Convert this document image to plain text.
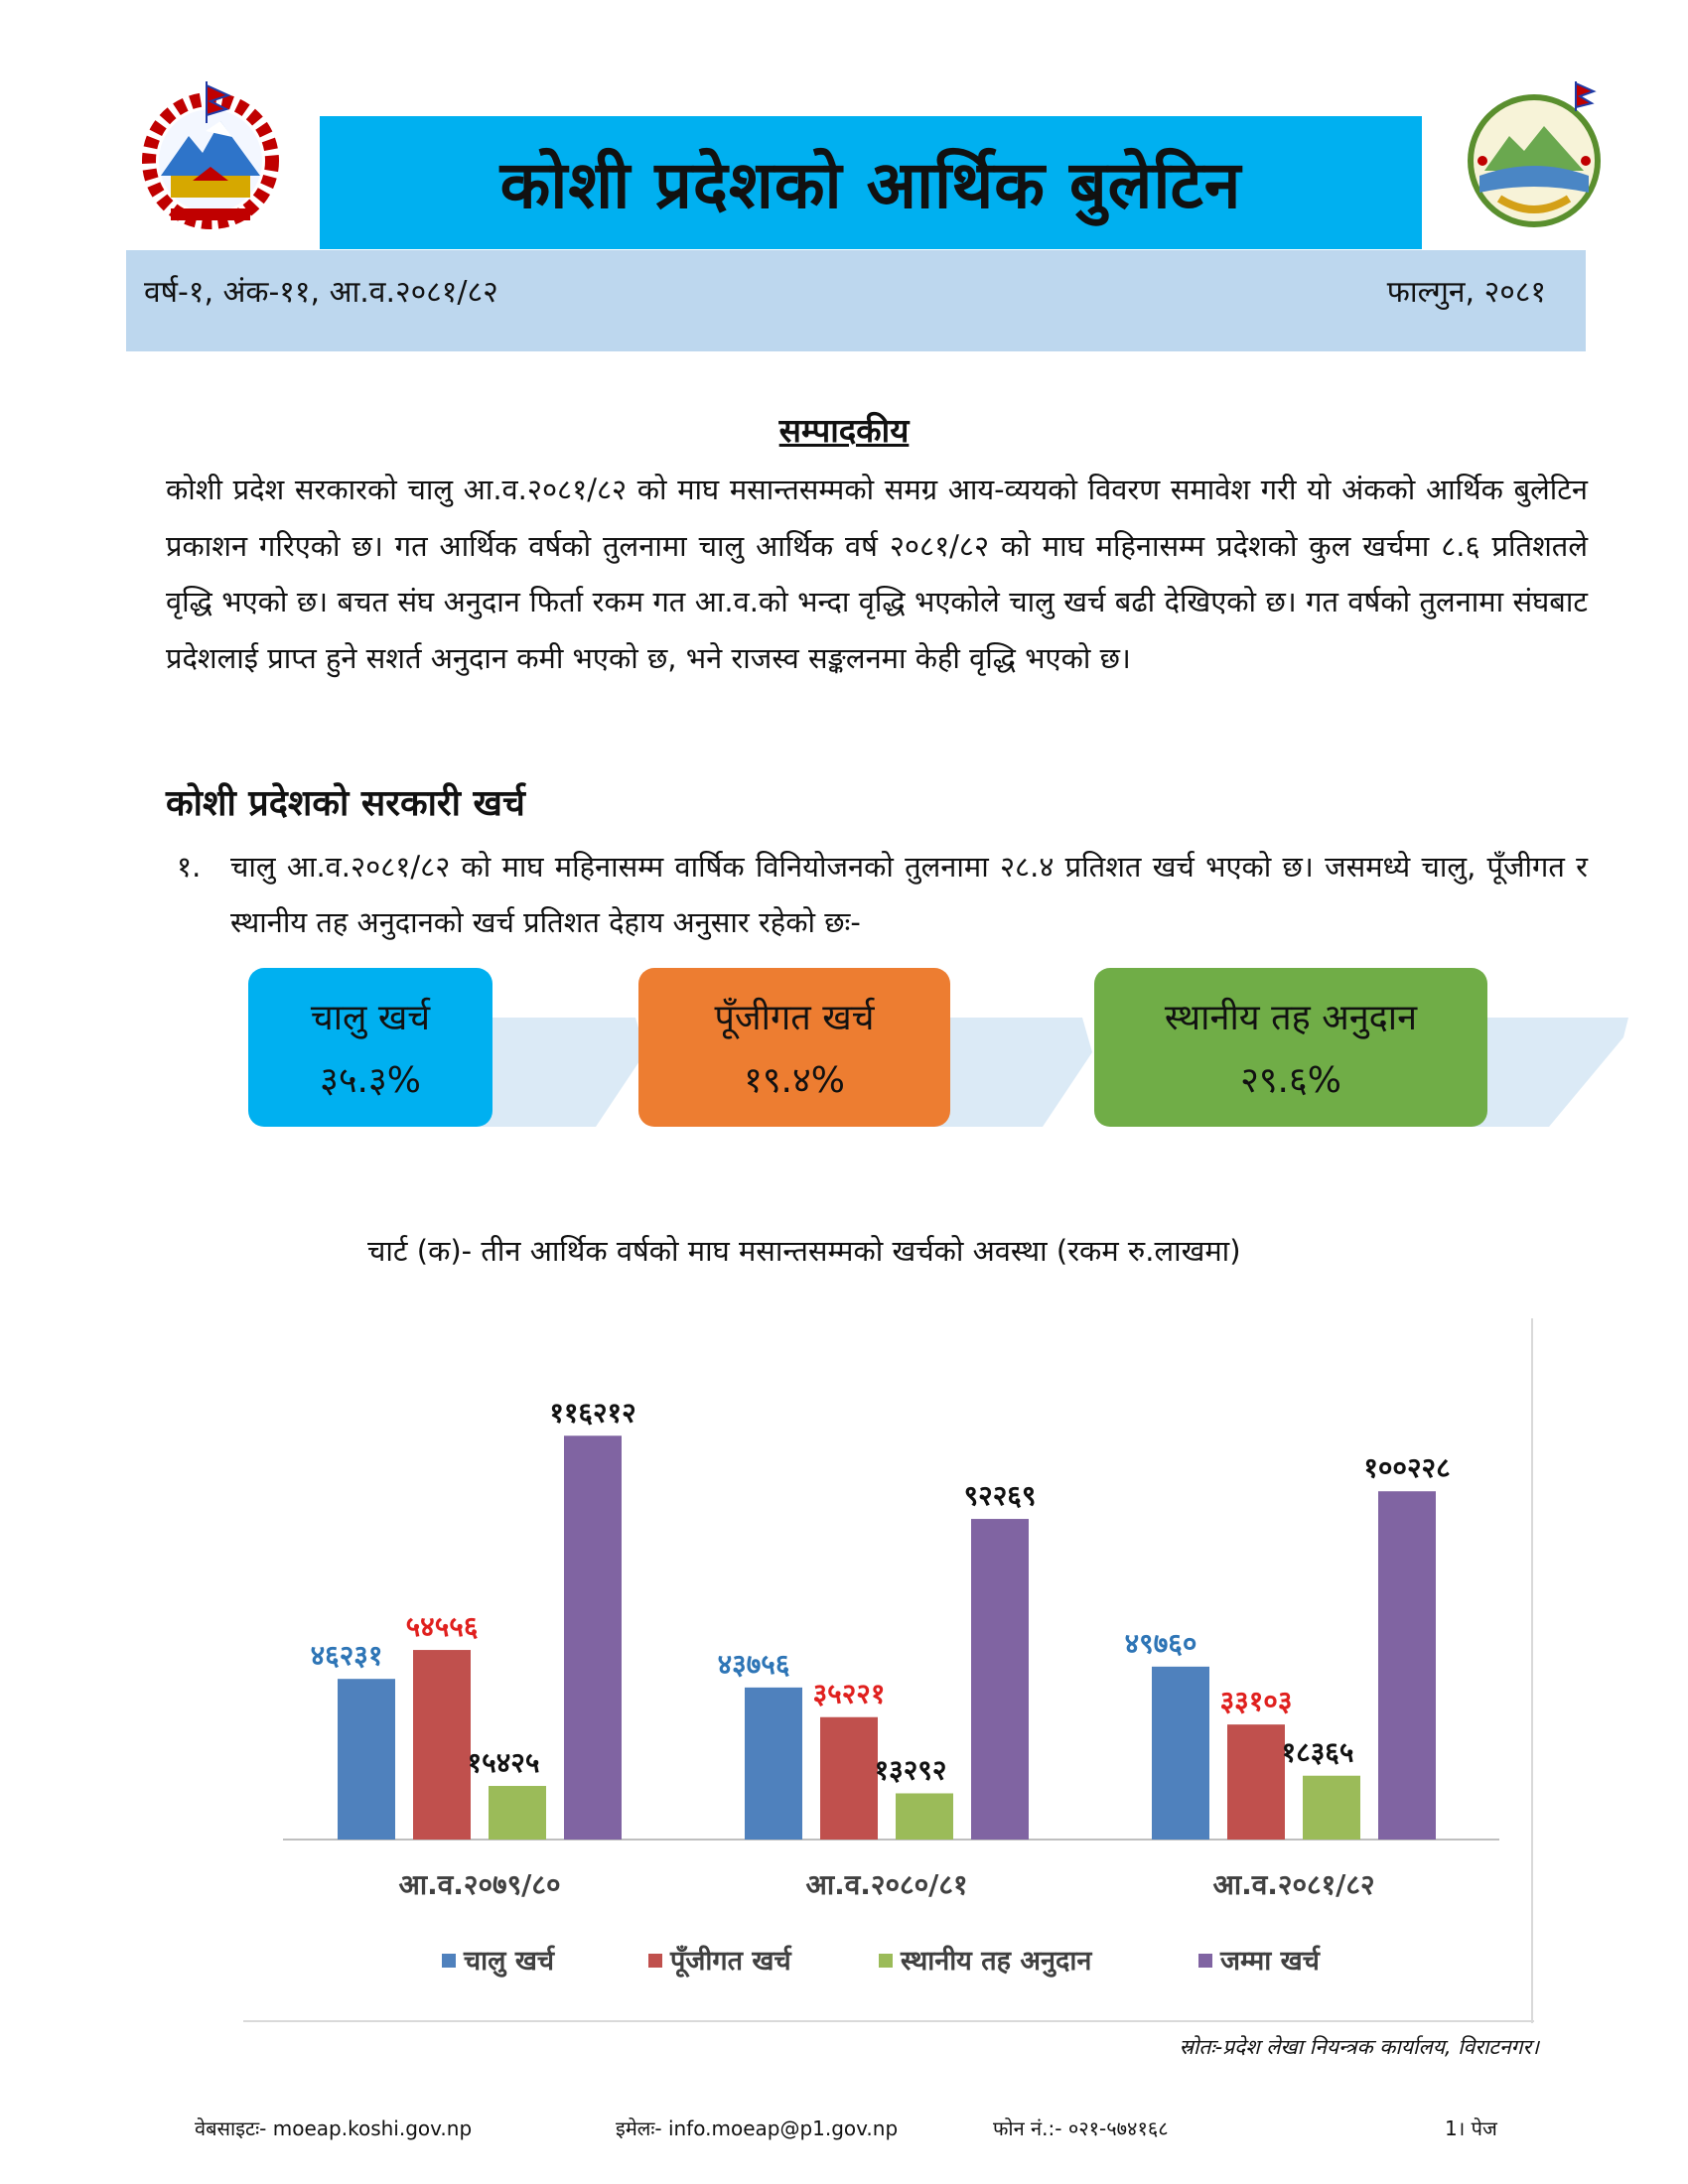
कोशी प्रदेशको आर्थिक बुलेटिन
वर्ष-१, अंक-११, आ.व.२०८१/८२	फाल्गुन, २०८१
सम्पादकीय
कोशी प्रदेश सरकारको चालु आ.व.२०८१/८२ को माघ मसान्तसम्मको समग्र आय-व्ययको विवरण समावेश गरी यो अंकको आर्थिक बुलेटिन प्रकाशन गरिएको छ। गत आर्थिक वर्षको तुलनामा चालु आर्थिक वर्ष २०८१/८२ को माघ महिनासम्म प्रदेशको कुल खर्चमा ८.६ प्रतिशतले वृद्धि भएको छ। बचत संघ अनुदान फिर्ता रकम गत आ.व.को भन्दा वृद्धि भएकोले चालु खर्च बढी देखिएको छ। गत वर्षको तुलनामा संघबाट प्रदेशलाई प्राप्त हुने सशर्त अनुदान कमी भएको छ, भने राजस्व सङ्कलनमा केही वृद्धि भएको छ।
कोशी प्रदेशको सरकारी खर्च
१. चालु आ.व.२०८१/८२ को माघ महिनासम्म वार्षिक विनियोजनको तुलनामा २८.४ प्रतिशत खर्च भएको छ। जसमध्ये चालु, पूँजीगत र स्थानीय तह अनुदानको खर्च प्रतिशत देहाय अनुसार रहेको छः-
चालु खर्च
३५.३%
पूँजीगत खर्च
१९.४%
स्थानीय तह अनुदान
२९.६%
चार्ट (क)- तीन आर्थिक वर्षको माघ मसान्तसम्मको खर्चको अवस्था (रकम रु.लाखमा)
४६२३१
५४५५६
१५४२५
११६२१२
आ.व.२०७९/८०
४३७५६
३५२२१
१३२९२
९२२६९
आ.व.२०८०/८१
४९७६०
३३१०३
१८३६५
१००२२८
आ.व.२०८१/८२
चालु खर्च	पूँजीगत खर्च	स्थानीय तह अनुदान	जम्मा खर्च
स्रोतः-प्रदेश लेखा नियन्त्रक कार्यालय, विराटनगर।
वेबसाइटः- moeap.koshi.gov.np	इमेलः- info.moeap@p1.gov.np	फोन नं.:- ०२१-५७४१६८	1। पेज
